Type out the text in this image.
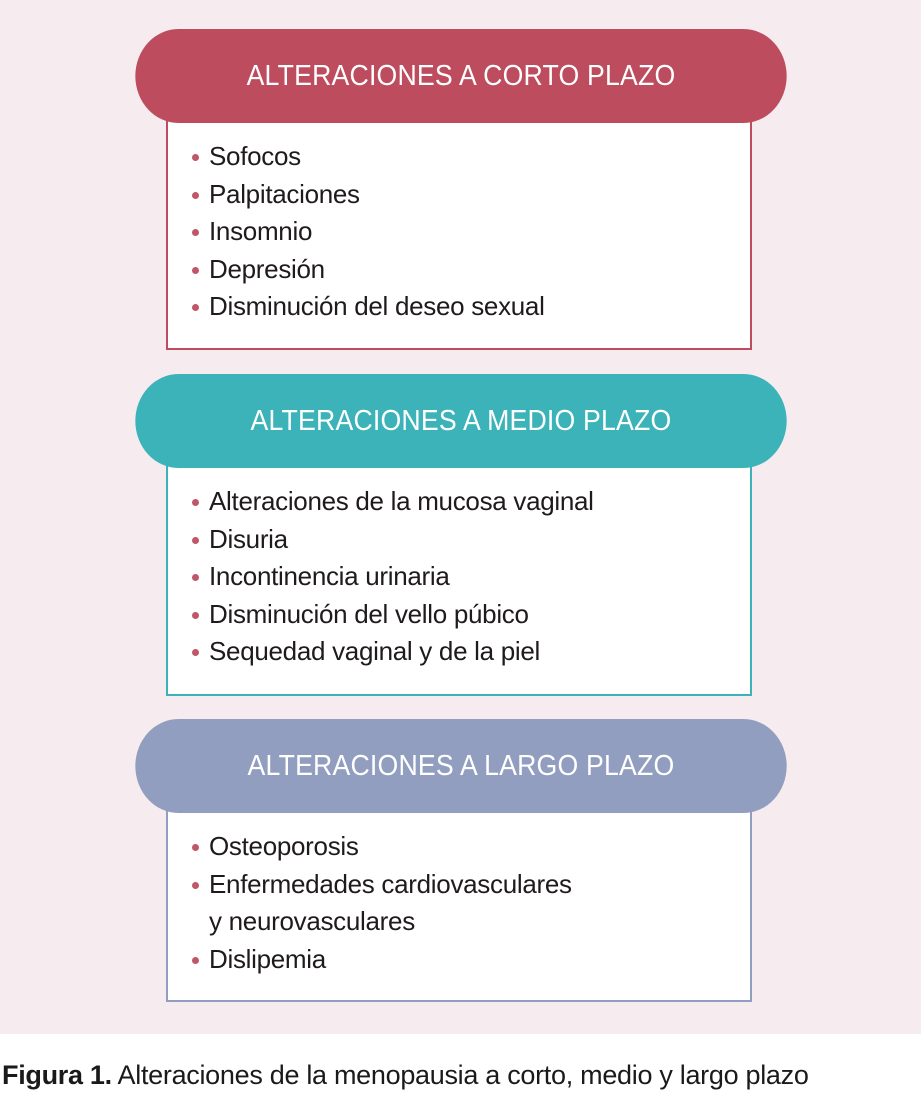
Sofocos
Palpitaciones
Insomnio
Depresión
Disminución del deseo sexual
ALTERACIONES A CORTO PLAZO
Alteraciones de la mucosa vaginal
Disuria
Incontinencia urinaria
Disminución del vello púbico
Sequedad vaginal y de la piel
ALTERACIONES A MEDIO PLAZO
Osteoporosis
Enfermedades cardiovasculares
y neurovasculares
Dislipemia
ALTERACIONES A LARGO PLAZO
Figura 1. Alteraciones de la menopausia a corto, medio y largo plazo
